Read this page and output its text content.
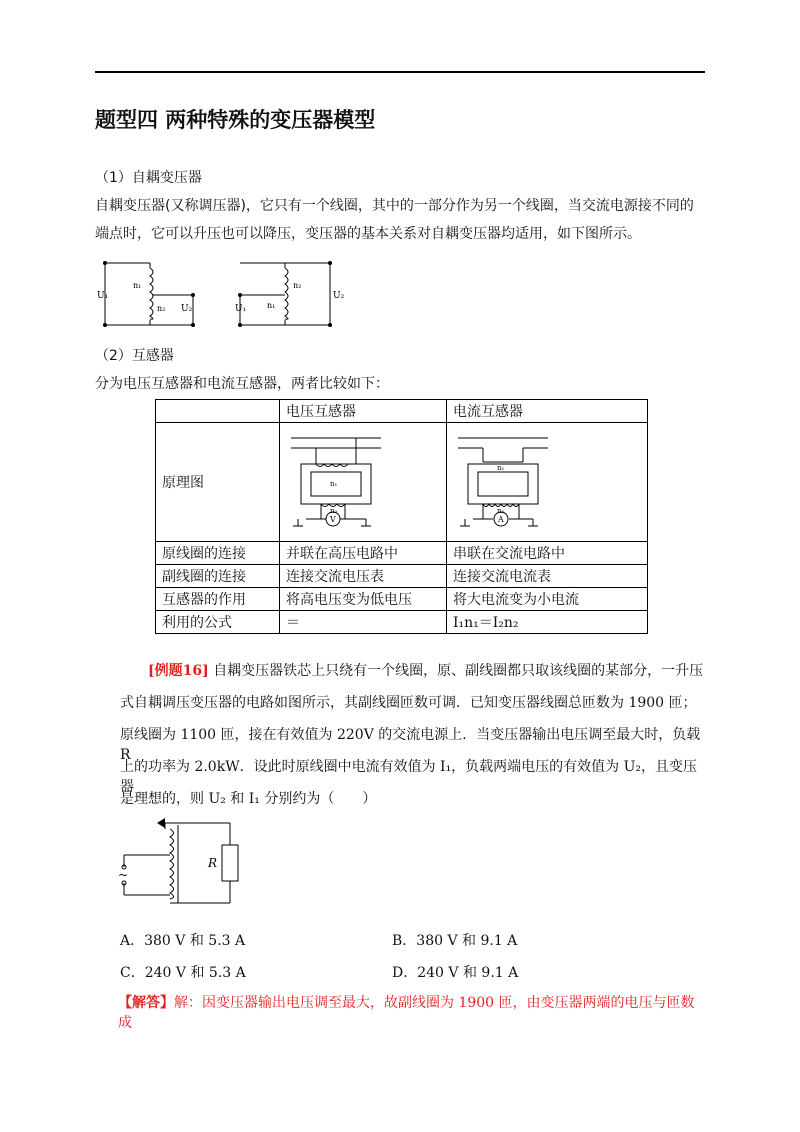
题型四 两种特殊的变压器模型
（1）自耦变压器
自耦变压器(又称调压器)，它只有一个线圈，其中的一部分作为另一个线圈，当交流电源接不同的
端点时，它可以升压也可以降压，变压器的基本关系对自耦变压器均适用，如下图所示。
U₁
n₁
n₂ U₂	U₁
n₂
n₁
U₂
（2）互感器
分为电压互感器和电流互感器，两者比较如下：
	电压互感器	电流互感器
原理图	n₁
n₂
V	n₁
n₂
A

原线圈的连接	并联在高压电路中	串联在交流电路中
副线圈的连接	连接交流电压表	连接交流电流表
互感器的作用	将高电压变为低电压	将大电流变为小电流
利用的公式	＝	I₁n₁＝I₂n₂
[例题16] 自耦变压器铁芯上只绕有一个线圈，原、副线圈都只取该线圈的某部分，一升压
式自耦调压变压器的电路如图所示，其副线圈匝数可调．已知变压器线圈总匝数为 1900 匝；
原线圈为 1100 匝，接在有效值为 220V 的交流电源上．当变压器输出电压调至最大时，负载 R
上的功率为 2.0kW．设此时原线圈中电流有效值为 I₁，负载两端电压的有效值为 U₂，且变压器
是理想的，则 U₂ 和 I₁ 分别约为（　　）
~
R
A．380 V 和 5.3 A	B．380 V 和 9.1 A
C．240 V 和 5.3 A	D．240 V 和 9.1 A
【解答】解：因变压器输出电压调至最大，故副线圈为 1900 匝，由变压器两端的电压与匝数成
